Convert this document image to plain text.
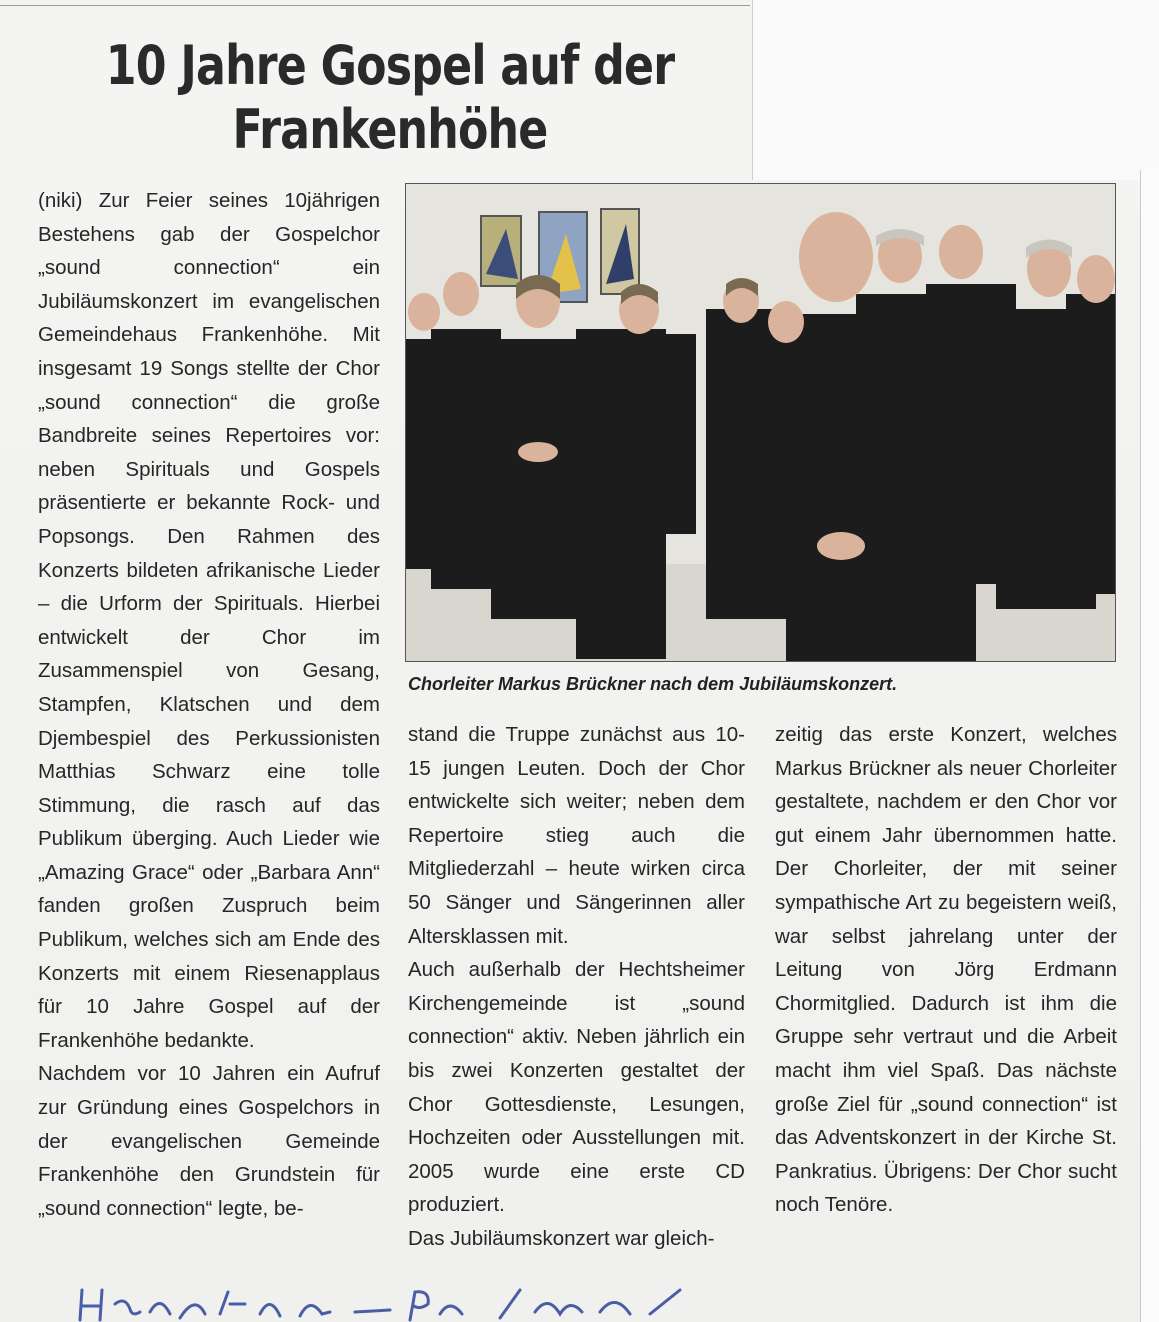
10 Jahre Gospel auf der Frankenhöhe

(niki) Zur Feier seines 10jährigen Bestehens gab der Gospelchor „sound connection“ ein Jubiläumskonzert im evangelischen Gemeindehaus Frankenhöhe. Mit insgesamt 19 Songs stellte der Chor „sound connection“ die große Bandbreite seines Repertoires vor: neben Spirituals und Gospels präsentierte er bekannte Rock- und Popsongs. Den Rahmen des Konzerts bildeten afrikanische Lieder – die Urform der Spirituals. Hierbei entwickelt der Chor im Zusammenspiel von Gesang, Stampfen, Klatschen und dem Djembespiel des Perkussionisten Matthias Schwarz eine tolle Stimmung, die rasch auf das Publikum überging. Auch Lieder wie „Amazing Grace“ oder „Barbara Ann“ fanden großen Zuspruch beim Publikum, welches sich am Ende des Konzerts mit einem Riesenapplaus für 10 Jahre Gospel auf der Frankenhöhe bedankte.

Nachdem vor 10 Jahren ein Aufruf zur Gründung eines Gospelchors in der evangelischen Gemeinde Frankenhöhe den Grundstein für „sound connection“ legte, be-

Chorleiter Markus Brückner nach dem Jubiläumskonzert.

stand die Truppe zunächst aus 10-15 jungen Leuten. Doch der Chor entwickelte sich weiter; neben dem Repertoire stieg auch die Mitgliederzahl – heute wirken circa 50 Sänger und Sängerinnen aller Altersklassen mit.

Auch außerhalb der Hechtsheimer Kirchengemeinde ist „sound connection“ aktiv. Neben jährlich ein bis zwei Konzerten gestaltet der Chor Gottesdienste, Lesungen, Hochzeiten oder Ausstellungen mit. 2005 wurde eine erste CD produziert.

Das Jubiläumskonzert war gleich-

zeitig das erste Konzert, welches Markus Brückner als neuer Chorleiter gestaltete, nachdem er den Chor vor gut einem Jahr übernommen hatte. Der Chorleiter, der mit seiner sympathische Art zu begeistern weiß, war selbst jahrelang unter der Leitung von Jörg Erdmann Chormitglied. Dadurch ist ihm die Gruppe sehr vertraut und die Arbeit macht ihm viel Spaß. Das nächste große Ziel für „sound connection“ ist das Adventskonzert in der Kirche St. Pankratius. Übrigens: Der Chor sucht noch Tenöre.
